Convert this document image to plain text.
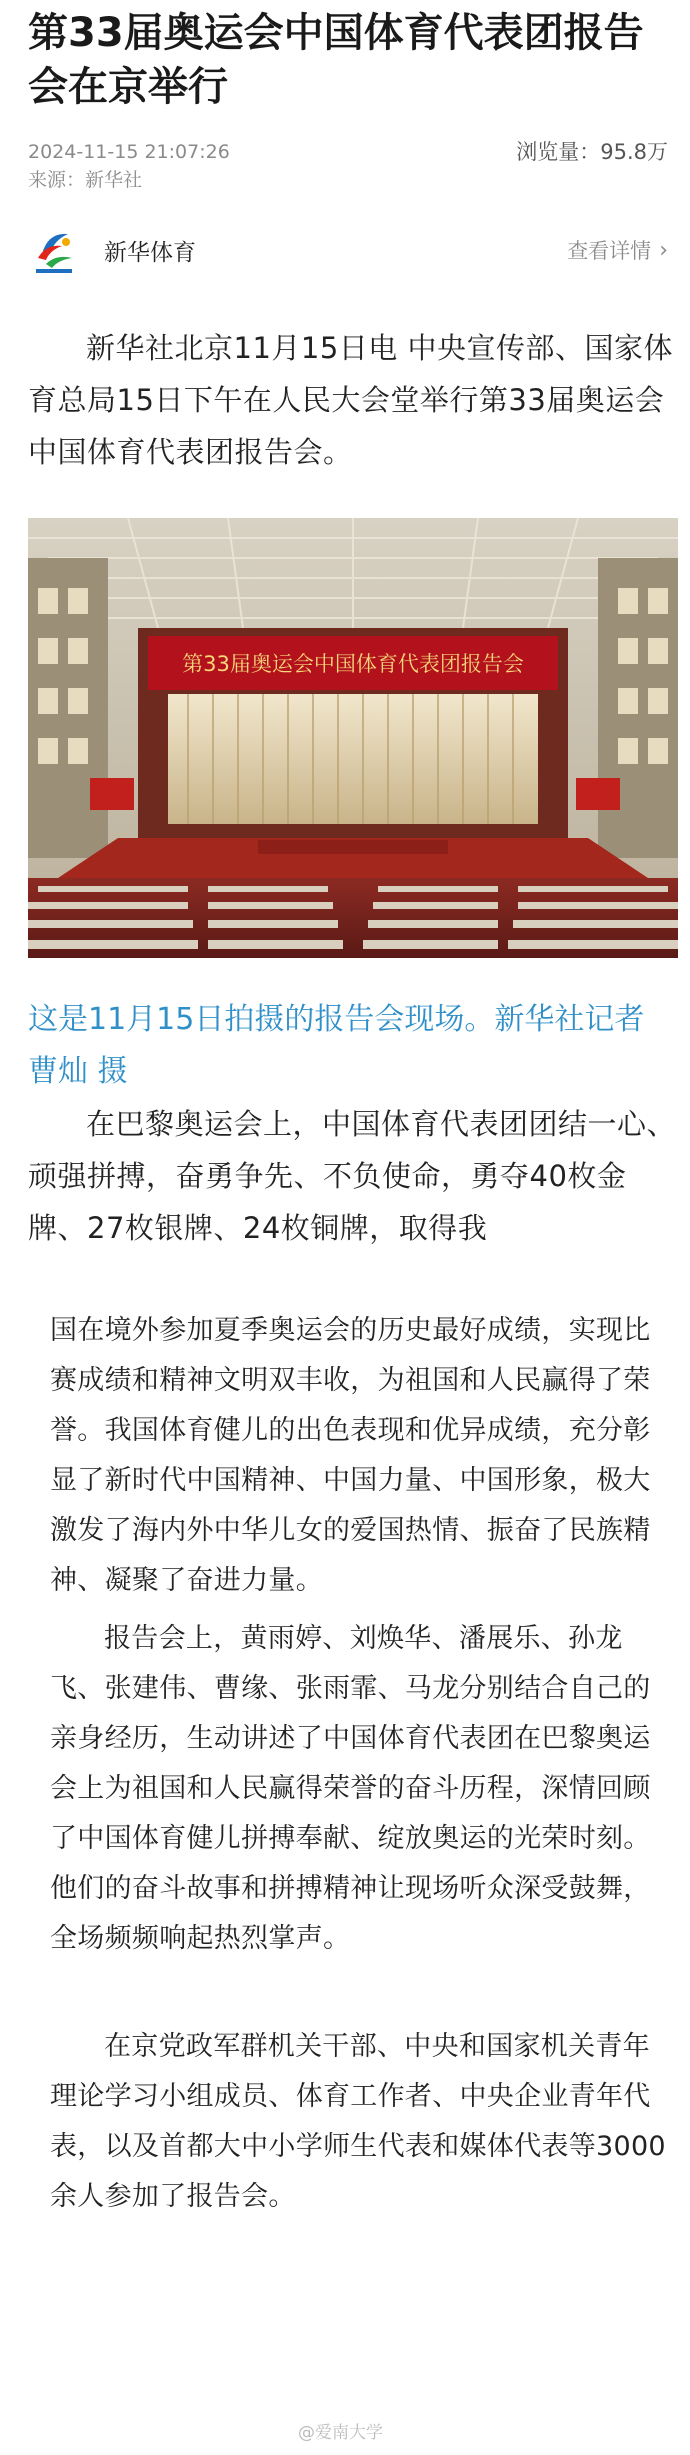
第33届奥运会中国体育代表团报告会在京举行
2024-11-15 21:07:26	浏览量：95.8万
来源：新华社
新华体育	查看详情 ›
新华社北京11月15日电 中央宣传部、国家体育总局15日下午在人民大会堂举行第33届奥运会中国体育代表团报告会。
第33届奥运会中国体育代表团报告会
这是11月15日拍摄的报告会现场。新华社记者 曹灿 摄
在巴黎奥运会上，中国体育代表团团结一心、顽强拼搏，奋勇争先、不负使命，勇夺40枚金牌、27枚银牌、24枚铜牌，取得我
国在境外参加夏季奥运会的历史最好成绩，实现比赛成绩和精神文明双丰收，为祖国和人民赢得了荣誉。我国体育健儿的出色表现和优异成绩，充分彰显了新时代中国精神、中国力量、中国形象，极大激发了海内外中华儿女的爱国热情、振奋了民族精神、凝聚了奋进力量。
报告会上，黄雨婷、刘焕华、潘展乐、孙龙飞、张建伟、曹缘、张雨霏、马龙分别结合自己的亲身经历，生动讲述了中国体育代表团在巴黎奥运会上为祖国和人民赢得荣誉的奋斗历程，深情回顾了中国体育健儿拼搏奉献、绽放奥运的光荣时刻。他们的奋斗故事和拼搏精神让现场听众深受鼓舞，全场频频响起热烈掌声。
在京党政军群机关干部、中央和国家机关青年理论学习小组成员、体育工作者、中央企业青年代表，以及首都大中小学师生代表和媒体代表等3000余人参加了报告会。
@爱南大学
